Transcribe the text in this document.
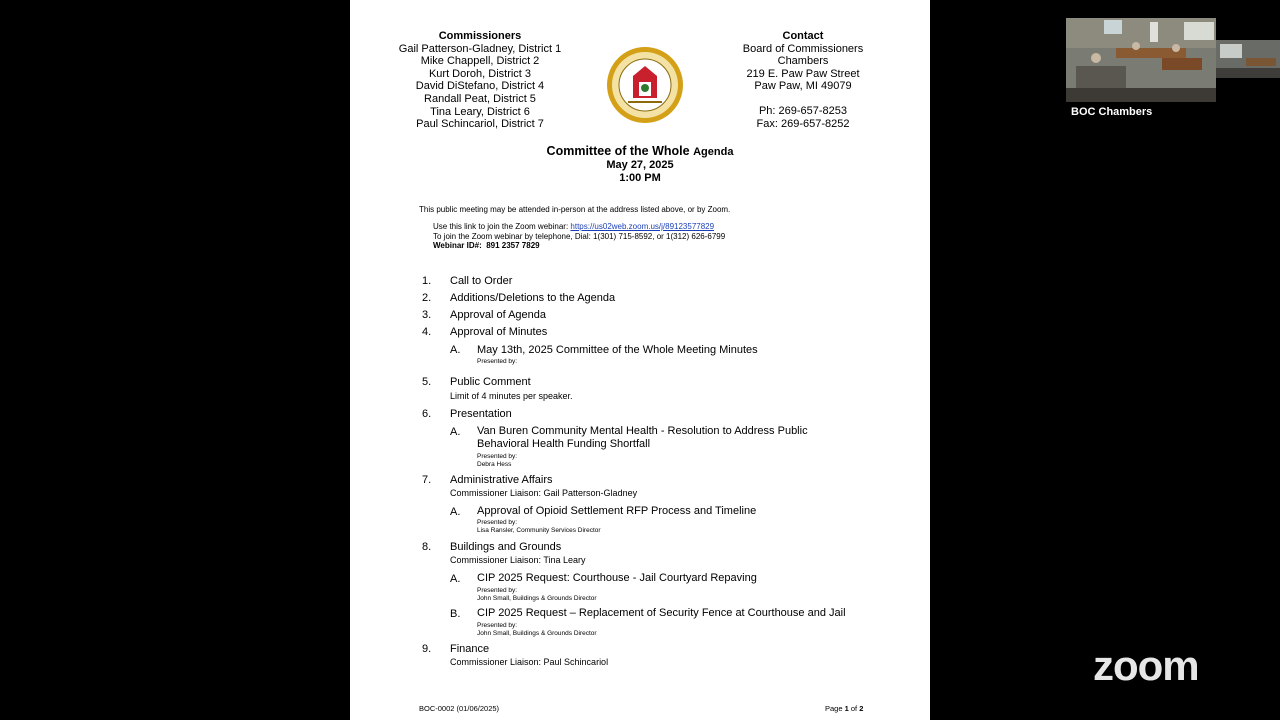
Commissioners
Gail Patterson-Gladney, District 1
Mike Chappell, District 2
Kurt Doroh, District 3
David DiStefano, District 4
Randall Peat, District 5
Tina Leary, District 6
Paul Schincariol, District 7
Contact
Board of Commissioners
Chambers
219 E. Paw Paw Street
Paw Paw, MI 49079
Ph: 269-657-8253
Fax: 269-657-8252
Committee of the Whole Agenda
May 27, 2025
1:00 PM
This public meeting may be attended in-person at the address listed above, or by Zoom.
Use this link to join the Zoom webinar: https://us02web.zoom.us/j/89123577829
To join the Zoom webinar by telephone, Dial: 1(301) 715-8592, or 1(312) 626-6799
Webinar ID#: 891 2357 7829
1. Call to Order
2. Additions/Deletions to the Agenda
3. Approval of Agenda
4. Approval of Minutes
A. May 13th, 2025 Committee of the Whole Meeting Minutes
Presented by:
5. Public Comment
Limit of 4 minutes per speaker.
6. Presentation
A. Van Buren Community Mental Health - Resolution to Address Public
Behavioral Health Funding Shortfall
Presented by:
Debra Hess
7. Administrative Affairs
Commissioner Liaison: Gail Patterson-Gladney
A. Approval of Opioid Settlement RFP Process and Timeline
Presented by:
Lisa Ransler, Community Services Director
8. Buildings and Grounds
Commissioner Liaison: Tina Leary
A. CIP 2025 Request: Courthouse - Jail Courtyard Repaving
Presented by:
John Small, Buildings & Grounds Director
B. CIP 2025 Request – Replacement of Security Fence at Courthouse and Jail
Presented by:
John Small, Buildings & Grounds Director
9. Finance
Commissioner Liaison: Paul Schincariol
BOC-0002 (01/06/2025)	Page 1 of 2
BOC Chambers
zoom
